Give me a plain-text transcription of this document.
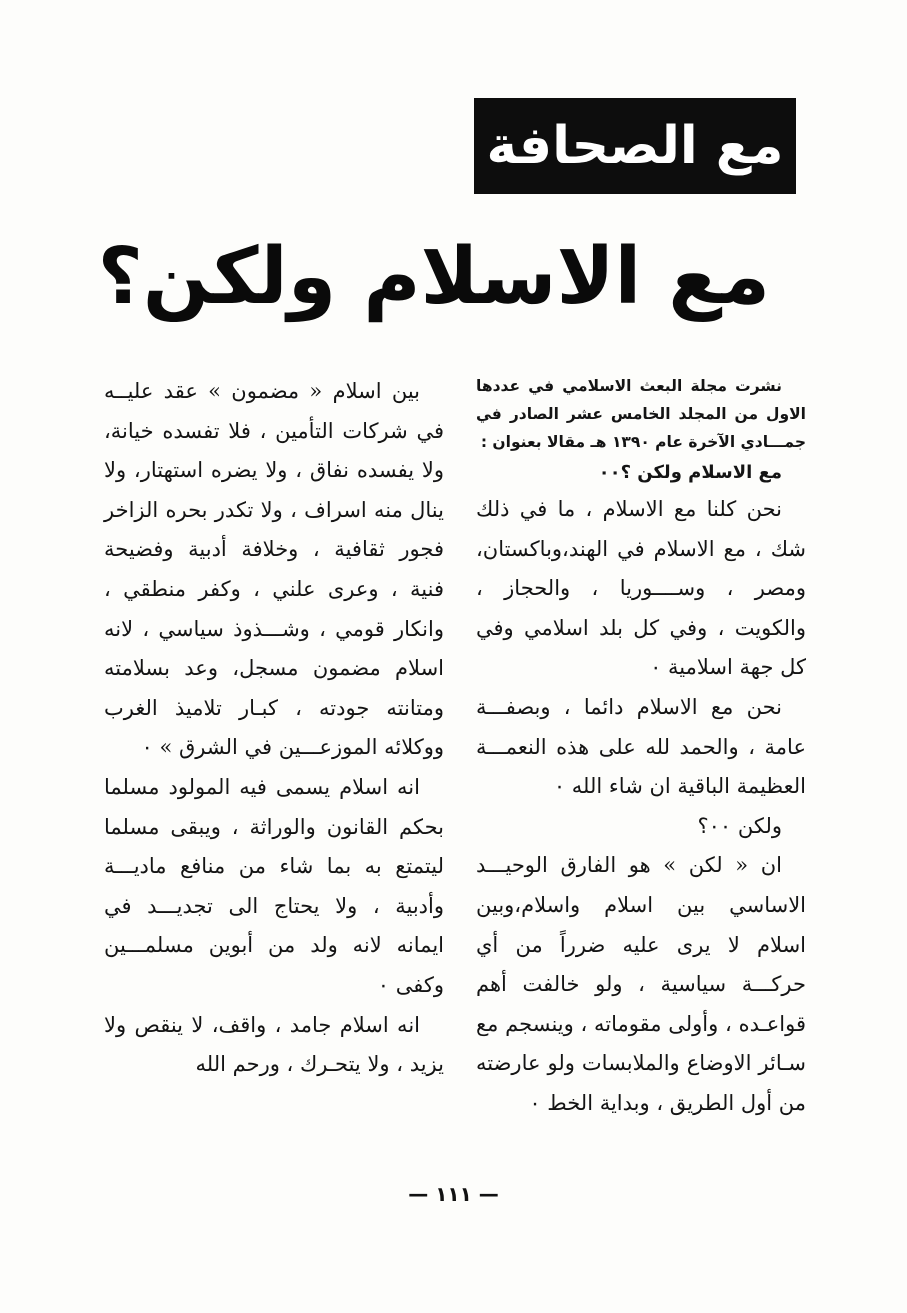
مع الصحافة
مع الاسلام ولكن؟

نشرت مجلة البعث الاسلامي في عددها الاول من المجلد الخامس عشر الصادر في جمـــادي الآخرة عام ١٣٩٠ هـ مقالا بعنوان :

مع الاسلام ولكن ؟٠٠

نحن كلنا مع الاسلام ، ما في ذلك شك ، مع الاسلام في الهند،وباكستان، ومصر ، وســــوريا ، والحجاز ، والكويت ، وفي كل بلد اسلامي وفي كل جهة اسلامية ٠

نحن مع الاسلام دائما ، وبصفـــة عامة ، والحمد لله على هذه النعمـــة العظيمة الباقية ان شاء الله ٠

ولكن ٠٠؟

ان « لكن » هو الفارق الوحيـــد الاساسي بين اسلام واسلام،وبين اسلام لا يرى عليه ضرراً من أي حركـــة سياسية ، ولو خالفت أهم قواعـده ، وأولى مقوماته ، وينسجم مع سـائر الاوضاع والملابسات ولو عارضته من أول الطريق ، وبداية الخط ٠

بين اسلام « مضمون » عقد عليــه في شركات التأمين ، فلا تفسده خيانة، ولا يفسده نفاق ، ولا يضره استهتار، ولا ينال منه اسراف ، ولا تكدر بحره الزاخر فجور ثقافية ، وخلافة أدبية وفضيحة فنية ، وعرى علني ، وكفر منطقي ، وانكار قومي ، وشـــذوذ سياسي ، لانه اسلام مضمون مسجل، وعد بسلامته ومتانته جودته ، كبـار تلاميذ الغرب ووكلائه الموزعـــين في الشرق » ٠

انه اسلام يسمى فيه المولود مسلما بحكم القانون والوراثة ، ويبقى مسلما ليتمتع به بما شاء من منافع ماديـــة وأدبية ، ولا يحتاج الى تجديـــد في ايمانه لانه ولد من أبوين مسلمـــين وكفى ٠

انه اسلام جامد ، واقف، لا ينقص ولا يزيد ، ولا يتحـرك ، ورحم الله

— ١١١ —
